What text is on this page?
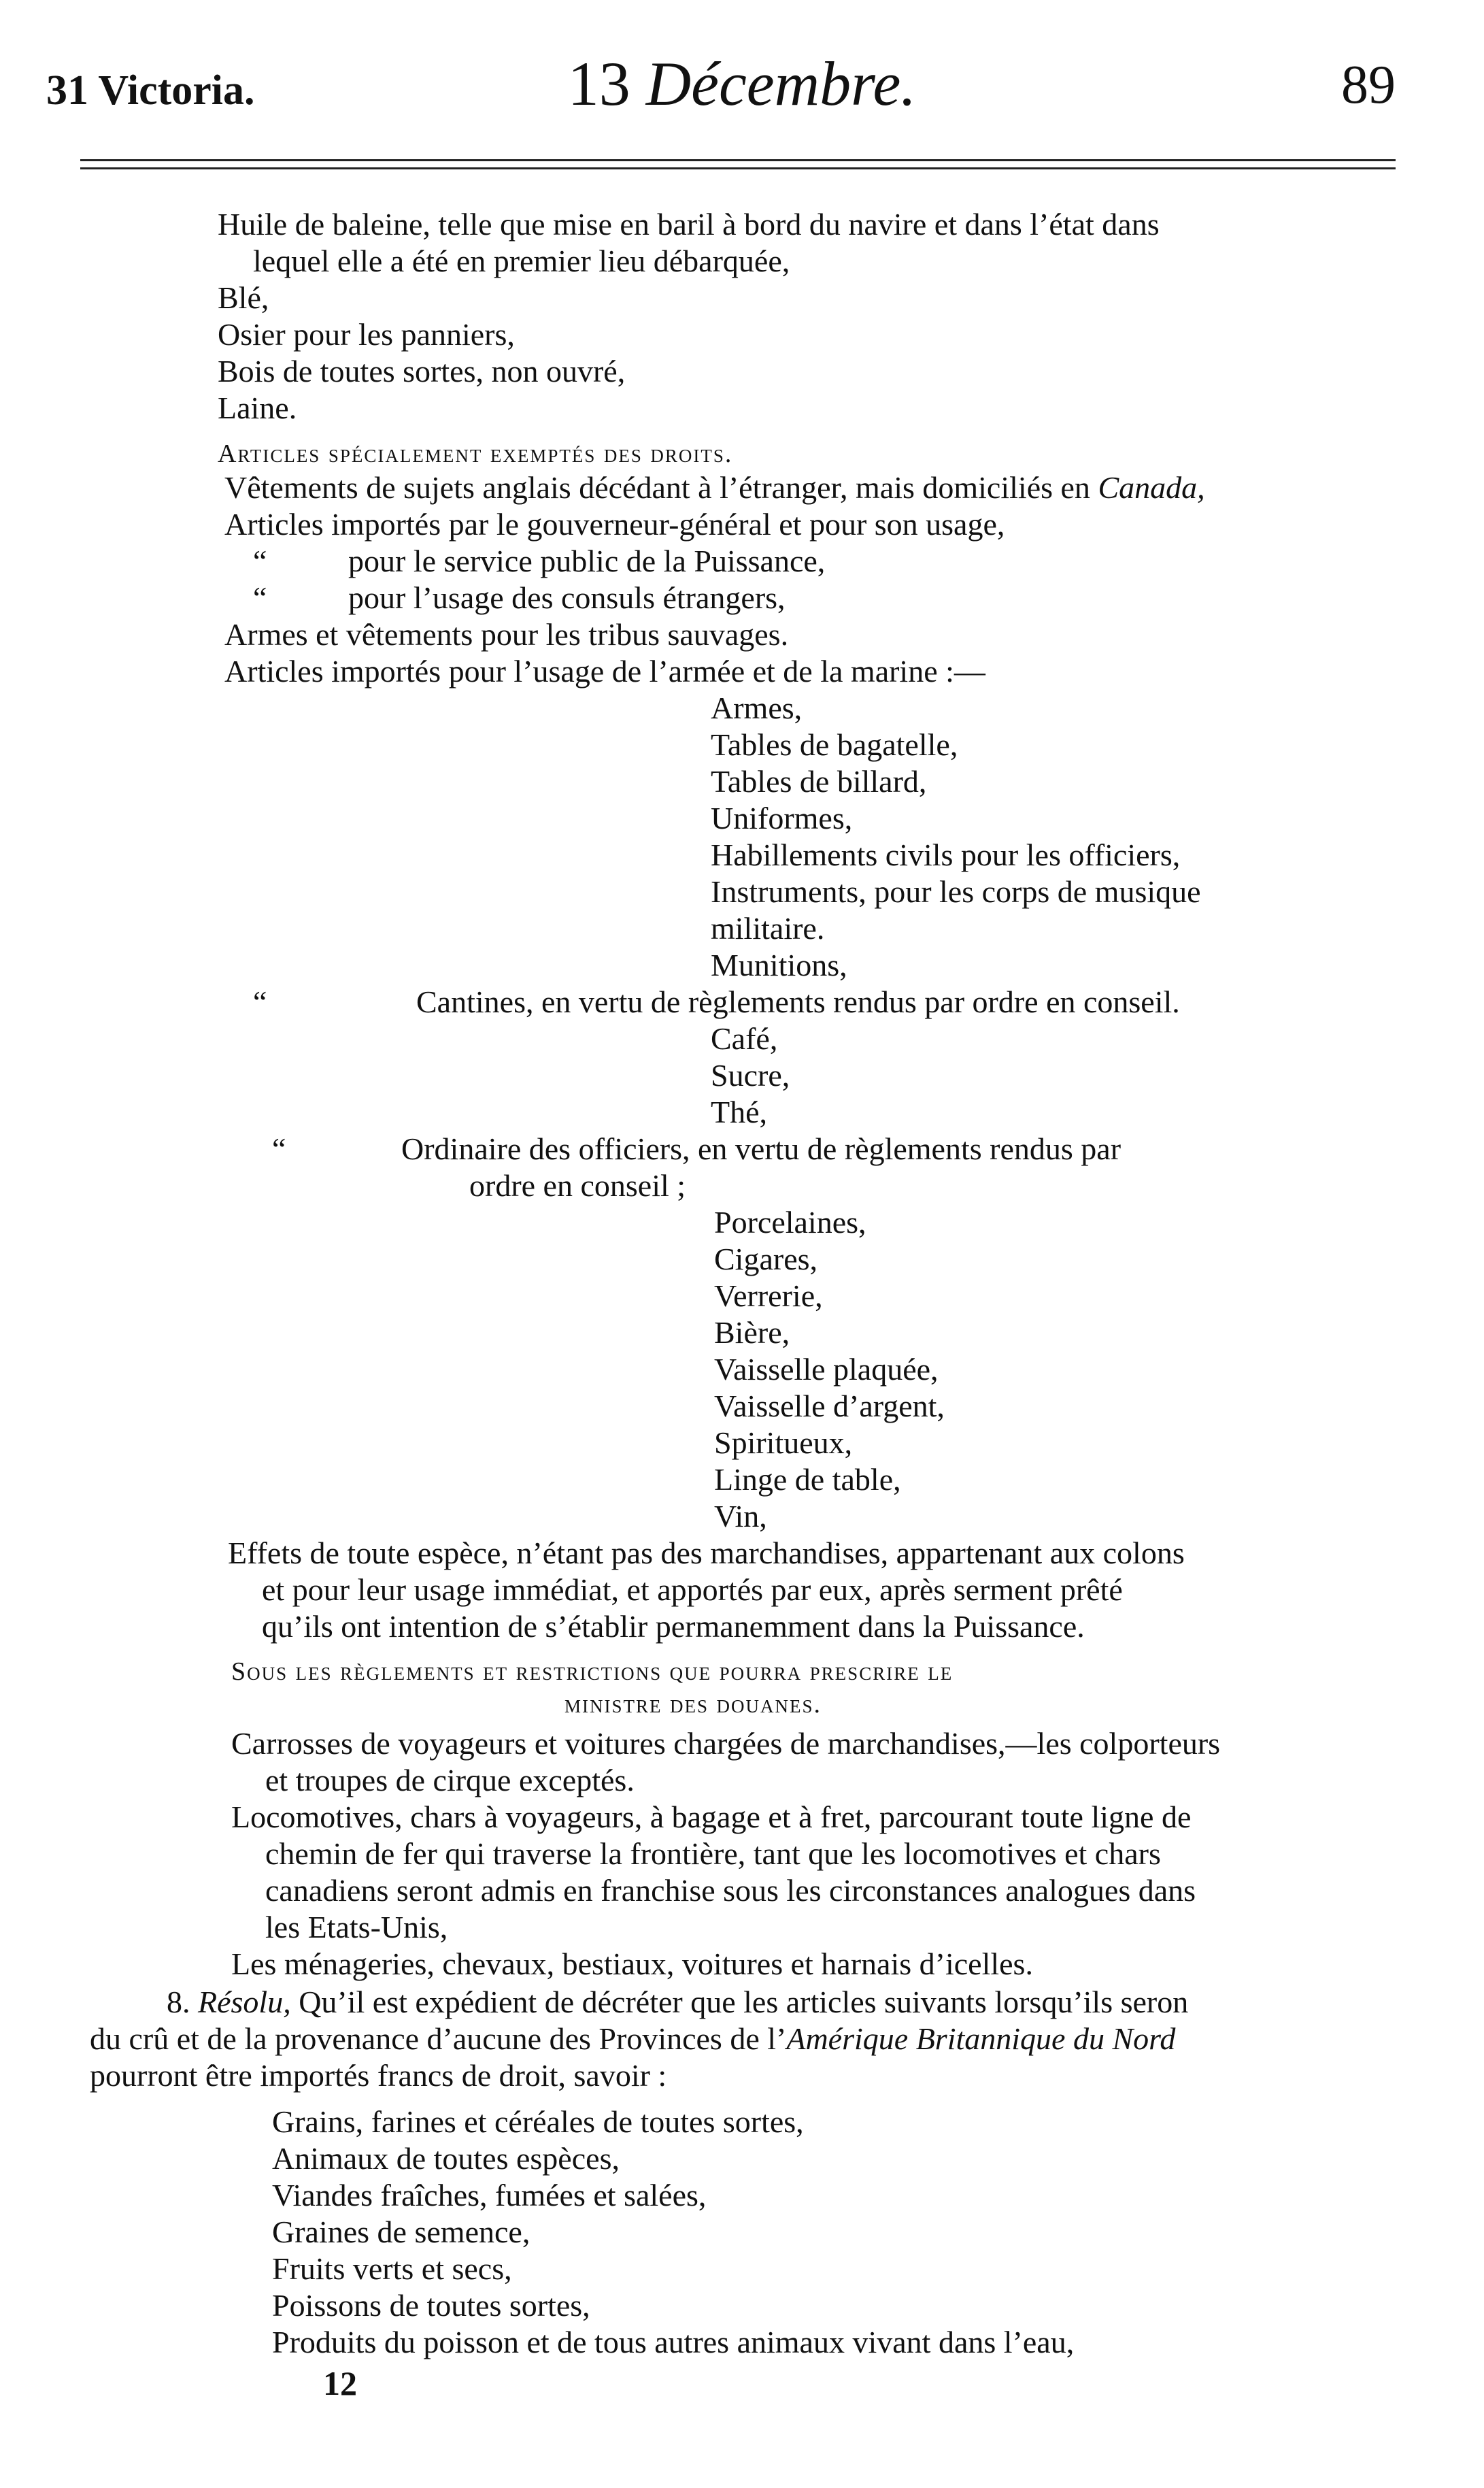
31 Victoria.	13 Décembre.	89
Huile de baleine, telle que mise en baril à bord du navire et dans l’état dans
lequel elle a été en premier lieu débarquée,
Blé,
Osier pour les panniers,
Bois de toutes sortes, non ouvré,
Laine.
Articles spécialement exemptés des droits.
Vêtements de sujets anglais décédant à l’étranger, mais domiciliés en Canada,
Articles importés par le gouverneur-général et pour son usage,
“	pour le service public de la Puissance,
“	pour l’usage des consuls étrangers,
Armes et vêtements pour les tribus sauvages.
Articles importés pour l’usage de l’armée et de la marine :—
Armes,
Tables de bagatelle,
Tables de billard,
Uniformes,
Habillements civils pour les officiers,
Instruments, pour les corps de musique
militaire.
Munitions,
“	Cantines, en vertu de règlements rendus par ordre en conseil.
Café,
Sucre,
Thé,
“	Ordinaire des officiers, en vertu de règlements rendus par
ordre en conseil ;
Porcelaines,
Cigares,
Verrerie,
Bière,
Vaisselle plaquée,
Vaisselle d’argent,
Spiritueux,
Linge de table,
Vin,
Effets de toute espèce, n’étant pas des marchandises, appartenant aux colons
et pour leur usage immédiat, et apportés par eux, après serment prêté
qu’ils ont intention de s’établir permanemment dans la Puissance.
Sous les règlements et restrictions que pourra prescrire le
ministre des douanes.
Carrosses de voyageurs et voitures chargées de marchandises,—les colporteurs
et troupes de cirque exceptés.
Locomotives, chars à voyageurs, à bagage et à fret, parcourant toute ligne de
chemin de fer qui traverse la frontière, tant que les locomotives et chars
canadiens seront admis en franchise sous les circonstances analogues dans
les Etats-Unis,
Les ménageries, chevaux, bestiaux, voitures et harnais d’icelles.
8. Résolu, Qu’il est expédient de décréter que les articles suivants lorsqu’ils seron
du crû et de la provenance d’aucune des Provinces de l’Amérique Britannique du Nord
pourront être importés francs de droit, savoir :
Grains, farines et céréales de toutes sortes,
Animaux de toutes espèces,
Viandes fraîches, fumées et salées,
Graines de semence,
Fruits verts et secs,
Poissons de toutes sortes,
Produits du poisson et de tous autres animaux vivant dans l’eau,
12
